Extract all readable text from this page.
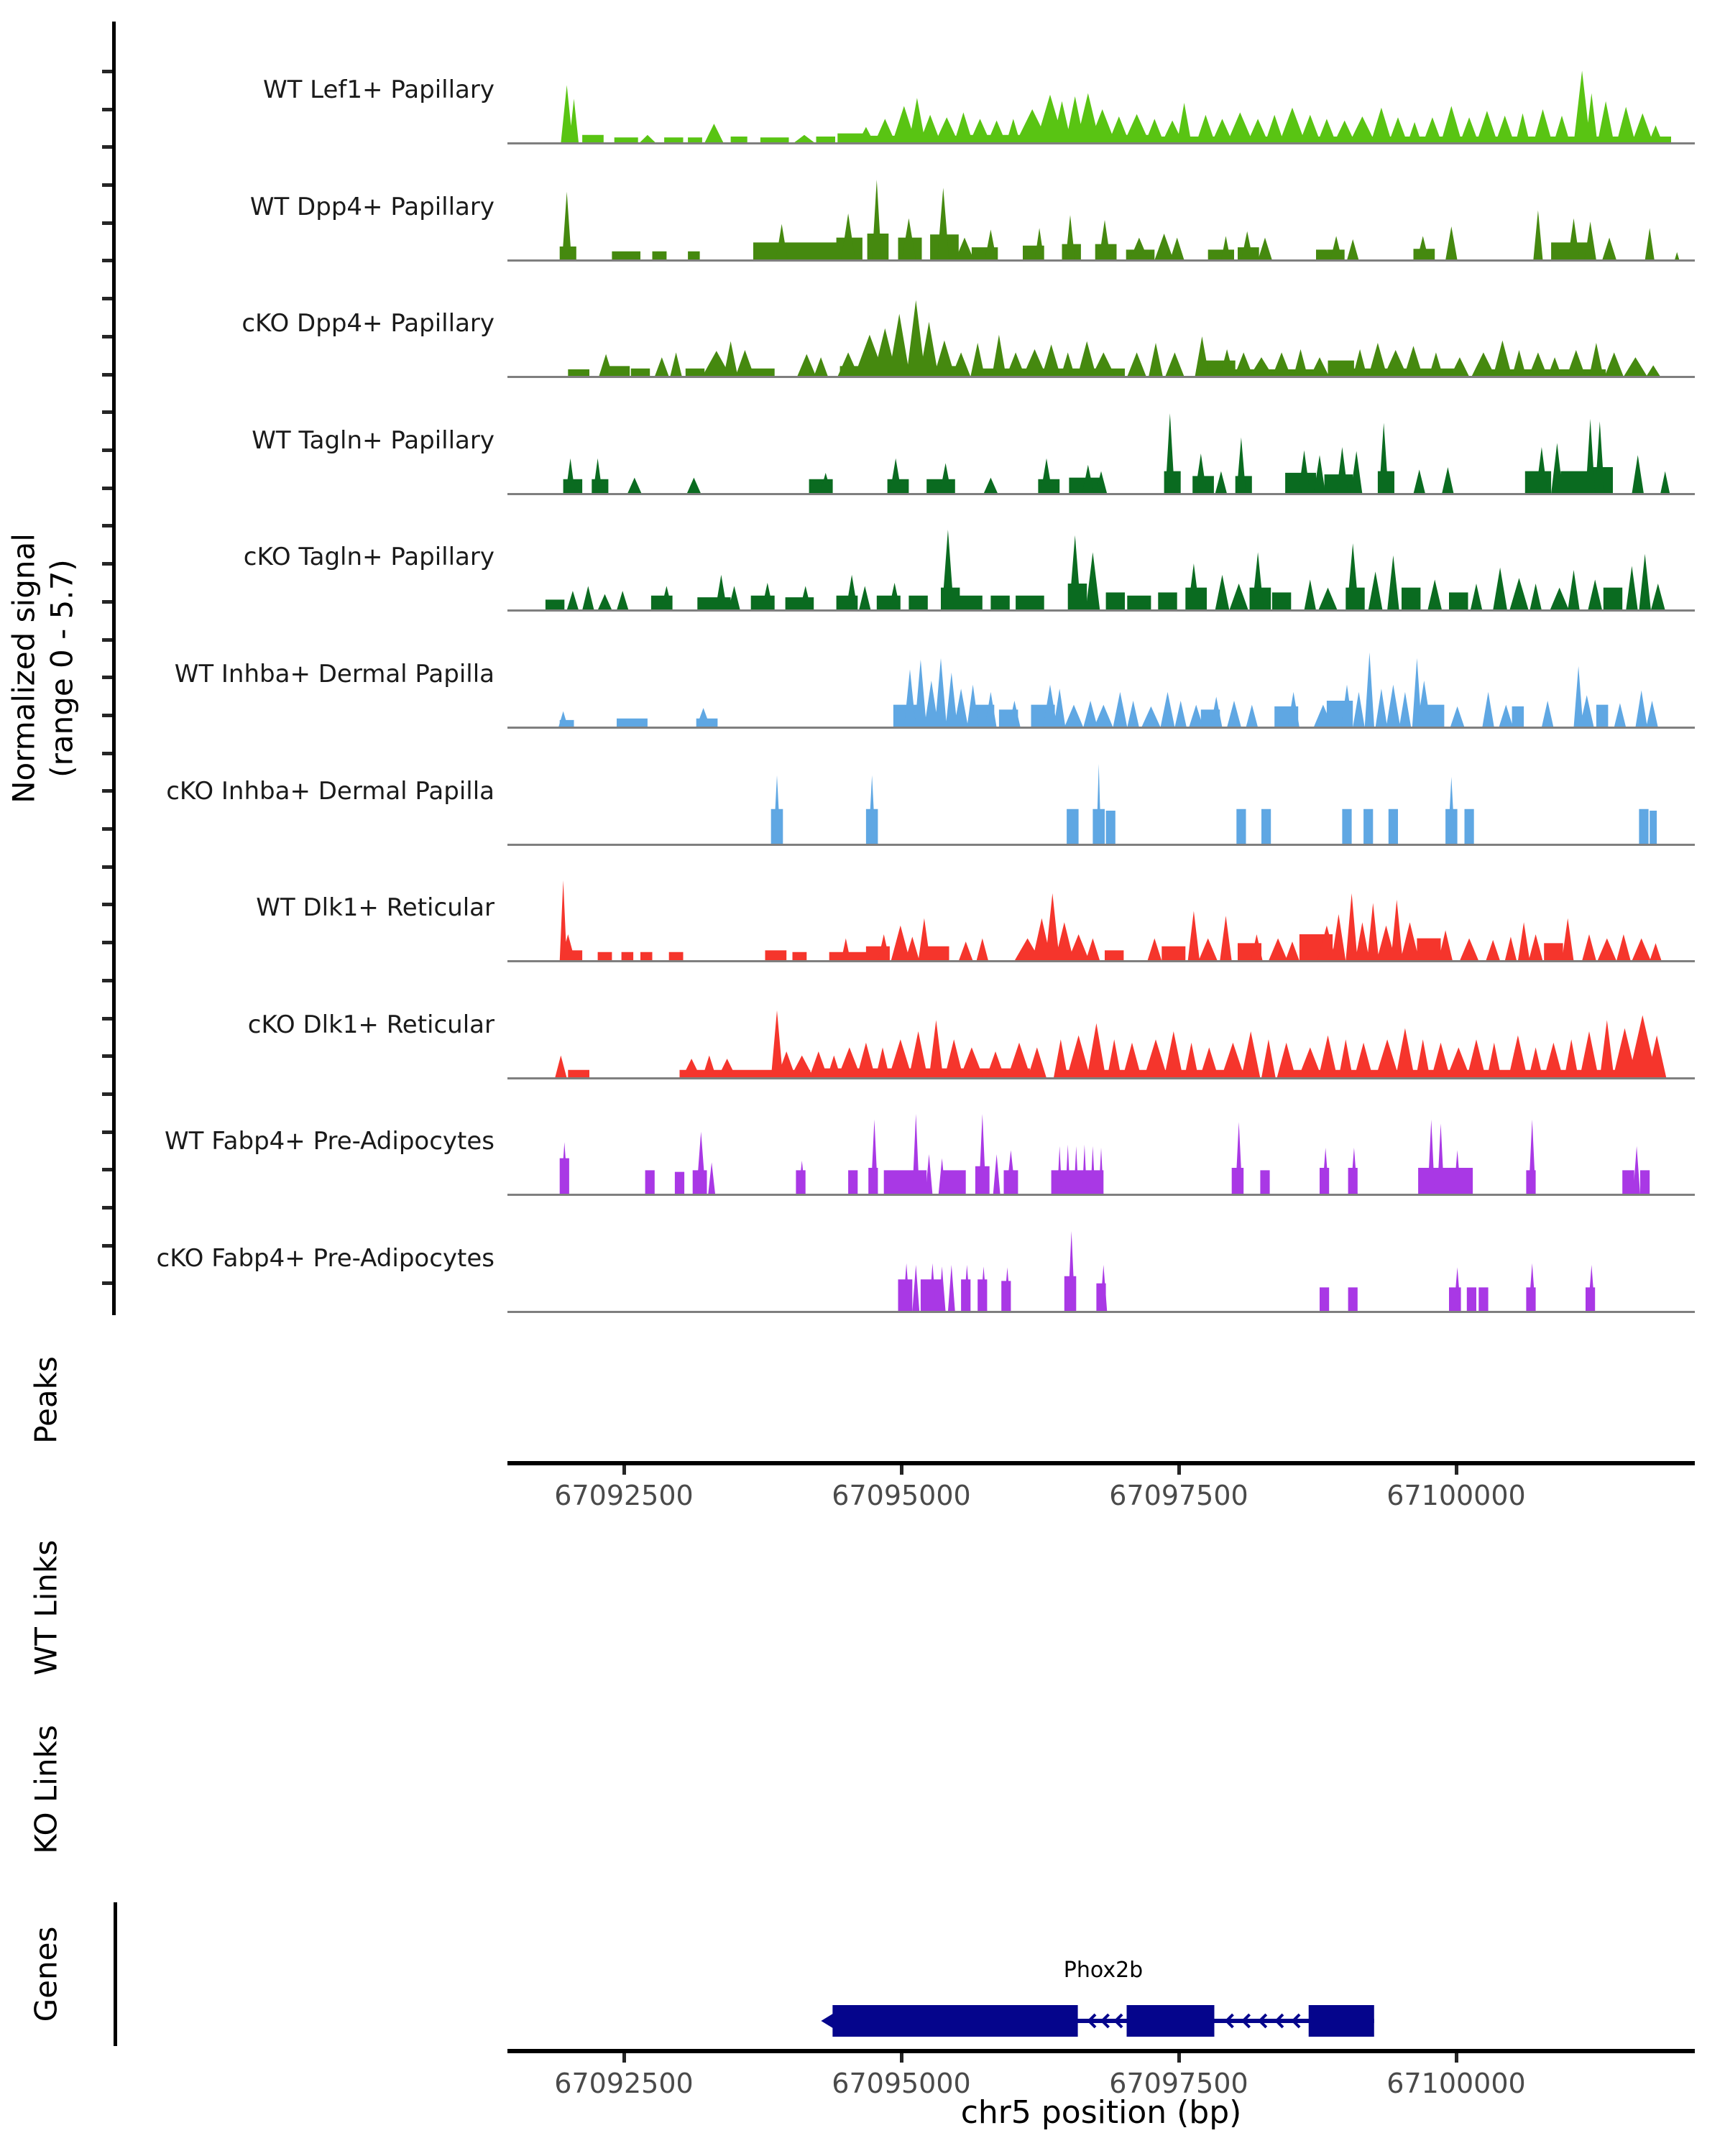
Normalized signal (range 0 - 5.7)
WT Lef1+ Papillary
WT Dpp4+ Papillary
cKO Dpp4+ Papillary
WT Tagln+ Papillary
cKO Tagln+ Papillary
WT Inhba+ Dermal Papilla
cKO Inhba+ Dermal Papilla
WT Dlk1+ Reticular
cKO Dlk1+ Reticular
WT Fabp4+ Pre-Adipocytes
cKO Fabp4+ Pre-Adipocytes
Peaks
WT Links
KO Links
Genes
67092500	67095000	67097500	67100000
Phox2b
67092500	67095000	67097500	67100000
chr5 position (bp)
